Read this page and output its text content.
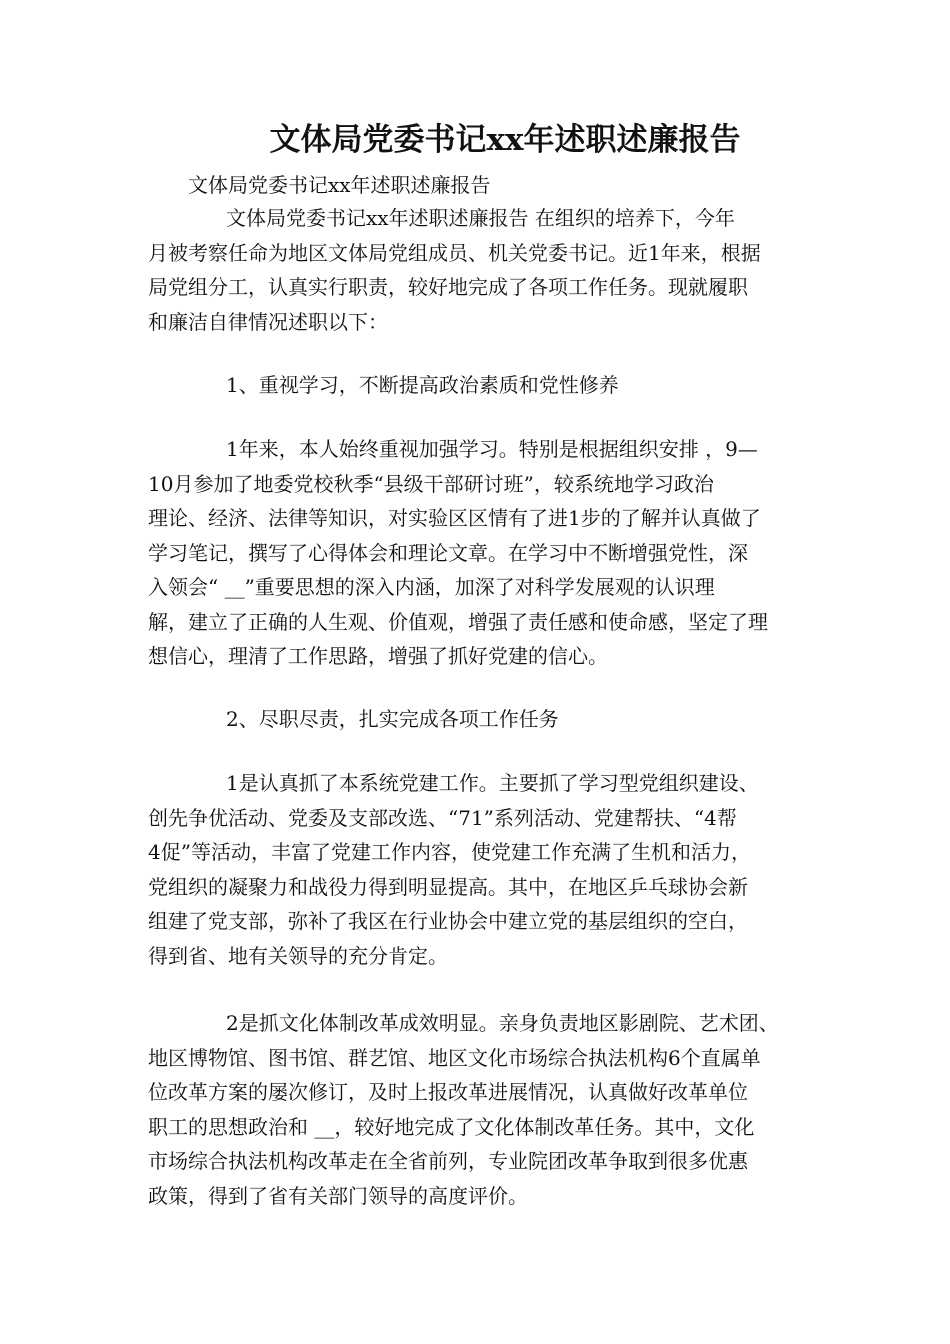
文体局党委书记xx年述职述廉报告

文体局党委书记xx年述职述廉报告

文体局党委书记xx年述职述廉报告 在组织的培养下，今年
月被考察任命为地区文体局党组成员、机关党委书记。近1年来，根据
局党组分工，认真实行职责，较好地完成了各项工作任务。现就履职
和廉洁自律情况述职以下：

1、重视学习，不断提高政治素质和党性修养

1年来，本人始终重视加强学习。特别是根据组织安排 ，9—
10月参加了地委党校秋季“县级干部研讨班”，较系统地学习政治
理论、经济、法律等知识，对实验区区情有了进1步的了解并认真做了
学习笔记，撰写了心得体会和理论文章。在学习中不断增强党性，深
入领会“ __”重要思想的深入内涵，加深了对科学发展观的认识理
解，建立了正确的人生观、价值观，增强了责任感和使命感，坚定了理
想信心，理清了工作思路，增强了抓好党建的信心。

2、尽职尽责，扎实完成各项工作任务

1是认真抓了本系统党建工作。主要抓了学习型党组织建设、
创先争优活动、党委及支部改选、“71”系列活动、党建帮扶、“4帮
4促”等活动，丰富了党建工作内容，使党建工作充满了生机和活力，
党组织的凝聚力和战役力得到明显提高。其中，在地区乒乓球协会新
组建了党支部，弥补了我区在行业协会中建立党的基层组织的空白，
得到省、地有关领导的充分肯定。
2是抓文化体制改革成效明显。亲身负责地区影剧院、艺术团、
地区博物馆、图书馆、群艺馆、地区文化市场综合执法机构6个直属单
位改革方案的屡次修订，及时上报改革进展情况，认真做好改革单位
职工的思想政治和 __，较好地完成了文化体制改革任务。其中，文化
市场综合执法机构改革走在全省前列，专业院团改革争取到很多优惠
政策，得到了省有关部门领导的高度评价。
